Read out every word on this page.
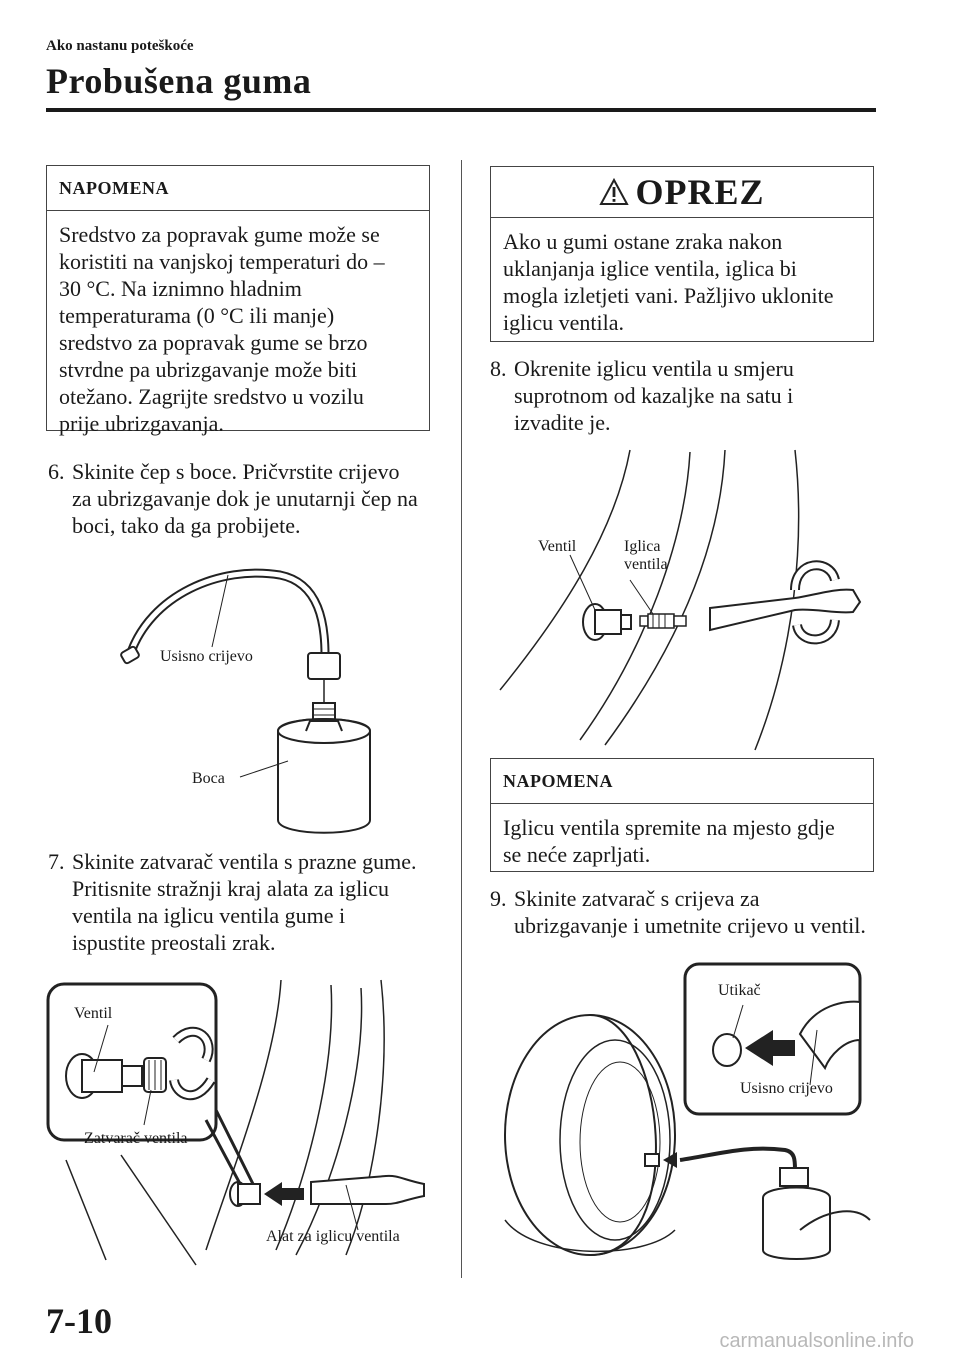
Ako nastanu poteškoće
Probušena guma
NAPOMENA
Sredstvo za popravak gume može se
koristiti na vanjskoj temperaturi do –
30 °C. Na iznimno hladnim
temperaturama (0 °C ili manje)
sredstvo za popravak gume se brzo
stvrdne pa ubrizgavanje može biti
otežano. Zagrijte sredstvo u vozilu
prije ubrizgavanja.
6. Skinite čep s boce. Pričvrstite crijevo
za ubrizgavanje dok je unutarnji čep na
boci, tako da ga probijete.
Usisno crijevo
Boca
7. Skinite zatvarač ventila s prazne gume.
Pritisnite stražnji kraj alata za iglicu
ventila na iglicu ventila gume i
ispustite preostali zrak.
Ventil
Zatvarač ventila
Alat za iglicu ventila
OPREZ
Ako u gumi ostane zraka nakon
uklanjanja iglice ventila, iglica bi
mogla izletjeti vani. Pažljivo uklonite
iglicu ventila.
8. Okrenite iglicu ventila u smjeru
suprotnom od kazaljke na satu i
izvadite je.
Ventil	Iglica
ventila
NAPOMENA
Iglicu ventila spremite na mjesto gdje
se neće zaprljati.
9. Skinite zatvarač s crijeva za
ubrizgavanje i umetnite crijevo u ventil.
Utikač
Usisno crijevo
7-10	carmanualsonline.info
